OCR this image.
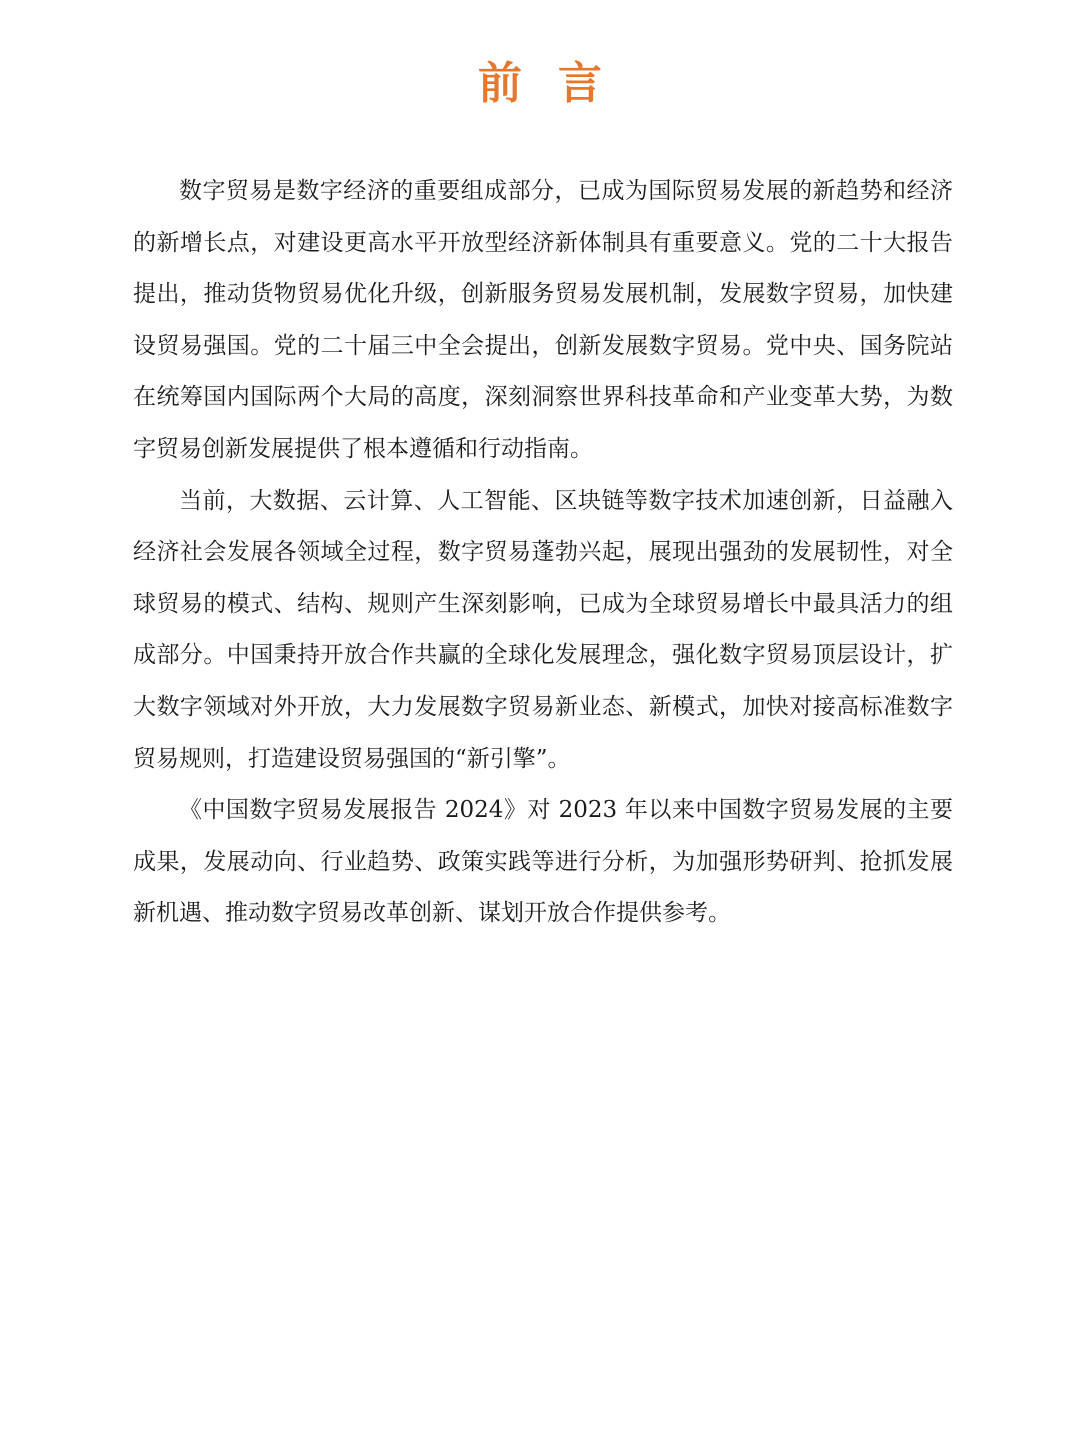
前言

数字贸易是数字经济的重要组成部分，已成为国际贸易发展的新趋势和经济的新增长点，对建设更高水平开放型经济新体制具有重要意义。党的二十大报告提出，推动货物贸易优化升级，创新服务贸易发展机制，发展数字贸易，加快建设贸易强国。党的二十届三中全会提出，创新发展数字贸易。党中央、国务院站在统筹国内国际两个大局的高度，深刻洞察世界科技革命和产业变革大势，为数字贸易创新发展提供了根本遵循和行动指南。

当前，大数据、云计算、人工智能、区块链等数字技术加速创新，日益融入经济社会发展各领域全过程，数字贸易蓬勃兴起，展现出强劲的发展韧性，对全球贸易的模式、结构、规则产生深刻影响，已成为全球贸易增长中最具活力的组成部分。中国秉持开放合作共赢的全球化发展理念，强化数字贸易顶层设计，扩大数字领域对外开放，大力发展数字贸易新业态、新模式，加快对接高标准数字贸易规则，打造建设贸易强国的“新引擎”。

《中国数字贸易发展报告 2024》对 2023 年以来中国数字贸易发展的主要成果，发展动向、行业趋势、政策实践等进行分析，为加强形势研判、抢抓发展新机遇、推动数字贸易改革创新、谋划开放合作提供参考。
